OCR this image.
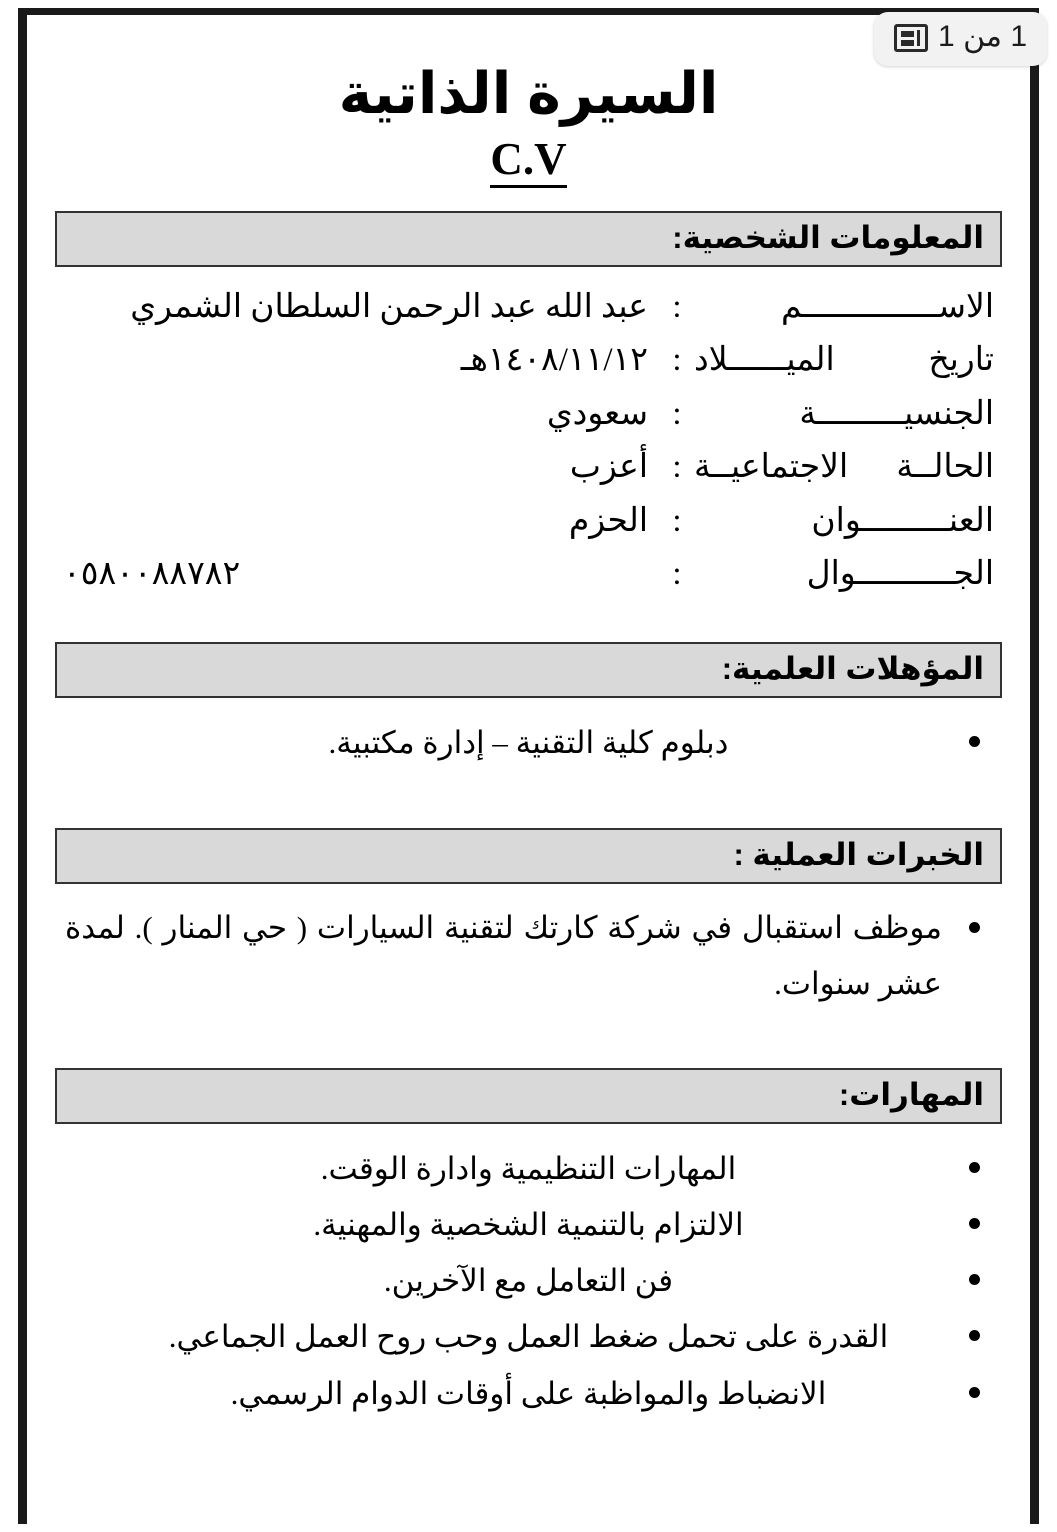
السيرة الذاتية
C.V
المعلومات الشخصية:
الاســــــــــــــم
:
عبد الله عبد الرحمن السلطان الشمري
تاريخ الميــــــلاد
:
١٤٠٨/١١/١٢هـ
الجنسيـــــــــة
:
سعودي
الحالــة الاجتماعيــة
:
أعزب
العنـــــــــوان
:
الحزم
الجــــــــــوال
:
٠٥٨٠٠٨٨٧٨٢
المؤهلات العلمية:
دبلوم كلية التقنية – إدارة مكتبية.
الخبرات العملية :
موظف استقبال في شركة كارتك لتقنية السيارات ( حي المنار ). لمدة عشر سنوات.
المهارات:
المهارات التنظيمية وادارة الوقت.
الالتزام بالتنمية الشخصية والمهنية.
فن التعامل مع الآخرين.
القدرة على تحمل ضغط العمل وحب روح العمل الجماعي.
الانضباط والمواظبة على أوقات الدوام الرسمي.
1 من 1
